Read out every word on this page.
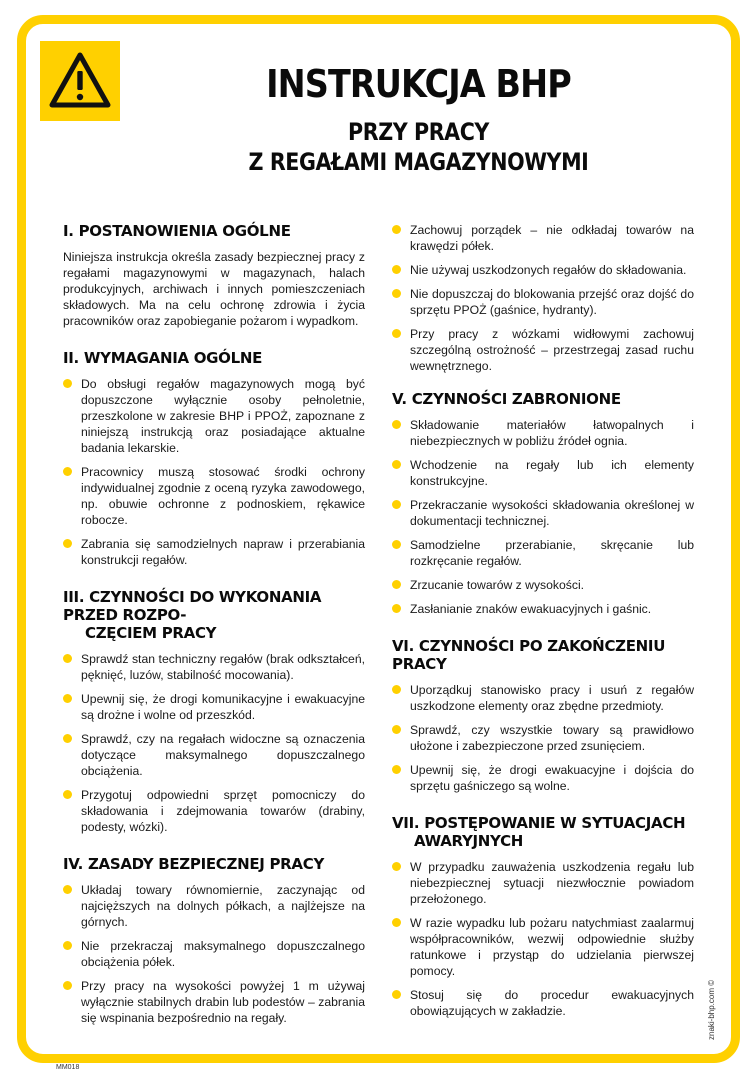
INSTRUKCJA BHP
PRZY PRACY
Z REGAŁAMI MAGAZYNOWYMI
I. POSTANOWIENIA OGÓLNE

Niniejsza instrukcja określa zasady bezpiecznej pracy z regałami magazynowymi w magazynach, halach produkcyjnych, archiwach i innych pomieszczeniach składowych. Ma na celu ochronę zdrowia i życia pracowników oraz zapobieganie pożarom i wypadkom.

II. WYMAGANIA OGÓLNE
Do obsługi regałów magazynowych mogą być dopuszczone wyłącznie osoby pełnoletnie, przeszkolone w zakresie BHP i PPOŻ, zapoznane z niniejszą instrukcją oraz posiadające aktualne badania lekarskie.
Pracownicy muszą stosować środki ochrony indywidualnej zgodnie z oceną ryzyka zawodowego, np. obuwie ochronne z podnoskiem, rękawice robocze.
Zabrania się samodzielnych napraw i przerabiania konstrukcji regałów.
III. CZYNNOŚCI DO WYKONANIA PRZED ROZPO-
CZĘCIEM PRACY
Sprawdź stan techniczny regałów (brak odkształceń, pęknięć, luzów, stabilność mocowania).
Upewnij się, że drogi komunikacyjne i ewakuacyjne są drożne i wolne od przeszkód.
Sprawdź, czy na regałach widoczne są oznaczenia dotyczące maksymalnego dopuszczalnego obciążenia.
Przygotuj odpowiedni sprzęt pomocniczy do składowania i zdejmowania towarów (drabiny, podesty, wózki).
IV. ZASADY BEZPIECZNEJ PRACY
Układaj towary równomiernie, zaczynając od najcięższych na dolnych półkach, a najlżejsze na górnych.
Nie przekraczaj maksymalnego dopuszczalnego obciążenia półek.
Przy pracy na wysokości powyżej 1 m używaj wyłącznie stabilnych drabin lub podestów – zabrania się wspinania bezpośrednio na regały.
Zachowuj porządek – nie odkładaj towarów na krawędzi półek.
Nie używaj uszkodzonych regałów do składowania.
Nie dopuszczaj do blokowania przejść oraz dojść do sprzętu PPOŻ (gaśnice, hydranty).
Przy pracy z wózkami widłowymi zachowuj szczególną ostrożność – przestrzegaj zasad ruchu wewnętrznego.
V. CZYNNOŚCI ZABRONIONE
Składowanie materiałów łatwopalnych i niebezpiecznych w pobliżu źródeł ognia.
Wchodzenie na regały lub ich elementy konstrukcyjne.
Przekraczanie wysokości składowania określonej w dokumentacji technicznej.
Samodzielne przerabianie, skręcanie lub rozkręcanie regałów.
Zrzucanie towarów z wysokości.
Zasłanianie znaków ewakuacyjnych i gaśnic.
VI. CZYNNOŚCI PO ZAKOŃCZENIU PRACY
Uporządkuj stanowisko pracy i usuń z regałów uszkodzone elementy oraz zbędne przedmioty.
Sprawdź, czy wszystkie towary są prawidłowo ułożone i zabezpieczone przed zsunięciem.
Upewnij się, że drogi ewakuacyjne i dojścia do sprzętu gaśniczego są wolne.
VII. POSTĘPOWANIE W SYTUACJACH
AWARYJNYCH
W przypadku zauważenia uszkodzenia regału lub niebezpiecznej sytuacji niezwłocznie powiadom przełożonego.
W razie wypadku lub pożaru natychmiast zaalarmuj współpracowników, wezwij odpowiednie służby ratunkowe i przystąp do udzielania pierwszej pomocy.
Stosuj się do procedur ewakuacyjnych obowiązujących w zakładzie.
MM018
znaki-bhp.com ©
